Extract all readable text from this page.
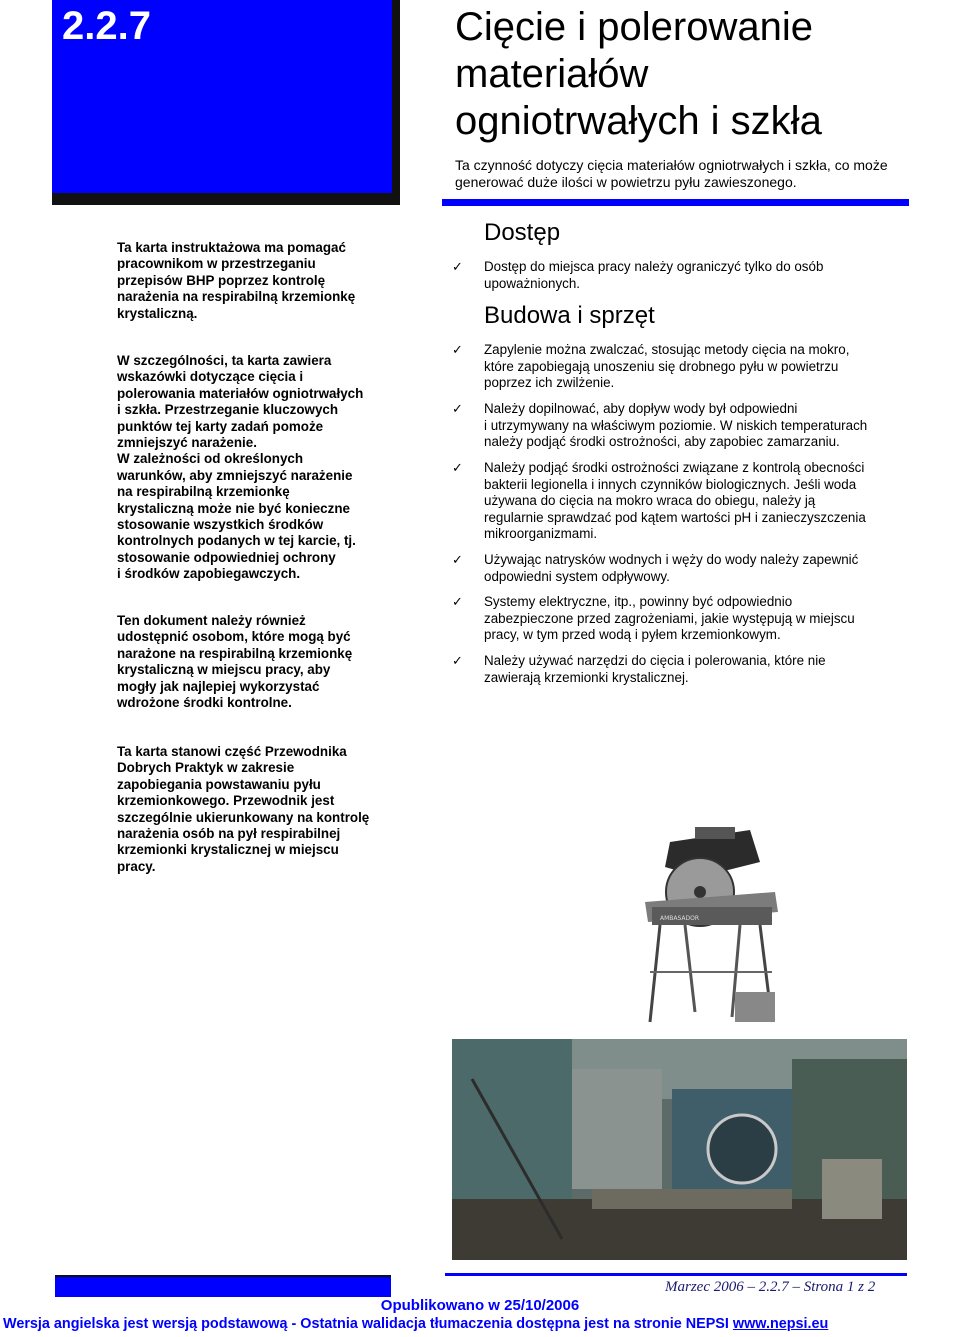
2.2.7	Cięcie i polerowanie
materiałów
ogniotrwałych i szkła
Ta czynność dotyczy cięcia materiałów ogniotrwałych i szkła, co może
generować duże ilości w powietrzu pyłu zawieszonego.
Ta karta instruktażowa ma pomagać
pracownikom w przestrzeganiu
przepisów BHP poprzez kontrolę
narażenia na respirabilną krzemionkę
krystaliczną.
W szczególności, ta karta zawiera
wskazówki dotyczące cięcia i
polerowania materiałów ogniotrwałych
i szkła. Przestrzeganie kluczowych
punktów tej karty zadań pomoże
zmniejszyć narażenie.
W zależności od określonych
warunków, aby zmniejszyć narażenie
na respirabilną krzemionkę
krystaliczną może nie być konieczne
stosowanie wszystkich środków
kontrolnych podanych w tej karcie, tj.
stosowanie odpowiedniej ochrony
i środków zapobiegawczych.
Ten dokument należy również
udostępnić osobom, które mogą być
narażone na respirabilną krzemionkę
krystaliczną w miejscu pracy, aby
mogły jak najlepiej wykorzystać
wdrożone środki kontrolne.
Ta karta stanowi część Przewodnika
Dobrych Praktyk w zakresie
zapobiegania powstawaniu pyłu
krzemionkowego. Przewodnik jest
szczególnie ukierunkowany na kontrolę
narażenia osób na pył respirabilnej
krzemionki krystalicznej w miejscu
pracy.
Dostęp
✓ Dostęp do miejsca pracy należy ograniczyć tylko do osób
upoważnionych.
Budowa i sprzęt
✓ Zapylenie można zwalczać, stosując metody cięcia na mokro,
które zapobiegają unoszeniu się drobnego pyłu w powietrzu
poprzez ich zwilżenie.
✓ Należy dopilnować, aby dopływ wody był odpowiedni
i utrzymywany na właściwym poziomie. W niskich temperaturach
należy podjąć środki ostrożności, aby zapobiec zamarzaniu.
✓ Należy podjąć środki ostrożności związane z kontrolą obecności
bakterii legionella i innych czynników biologicznych. Jeśli woda
używana do cięcia na mokro wraca do obiegu, należy ją
regularnie sprawdzać pod kątem wartości pH i zanieczyszczenia
mikroorganizmami.
✓ Używając natrysków wodnych i węży do wody należy zapewnić
odpowiedni system odpływowy.
✓ Systemy elektryczne, itp., powinny być odpowiednio
zabezpieczone przed zagrożeniami, jakie występują w miejscu
pracy, w tym przed wodą i pyłem krzemionkowym.
✓ Należy używać narzędzi do cięcia i polerowania, które nie
zawierają krzemionki krystalicznej.
AMBASADOR
Marzec 2006 – 2.2.7 – Strona 1 z 2
Opublikowano w 25/10/2006
Wersja angielska jest wersją podstawową - Ostatnia walidacja tłumaczenia dostępna jest na stronie NEPSI www.nepsi.eu
